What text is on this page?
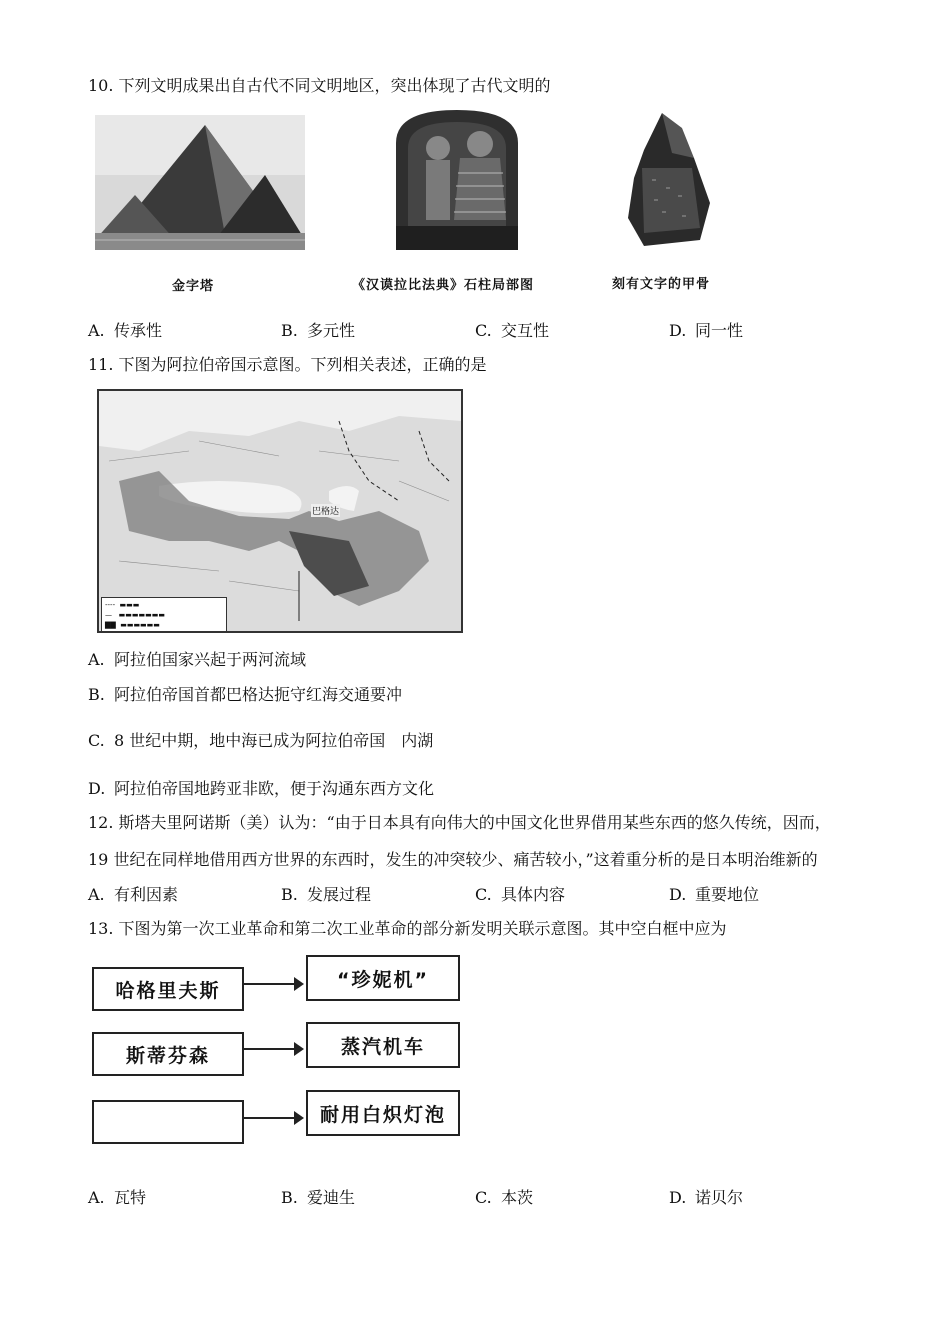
10. 下列文明成果出自古代不同文明地区，突出体现了古代文明的
金字塔	《汉谟拉比法典》石柱局部图	刻有文字的甲骨
A. 传承性	B. 多元性	C. 交互性	D. 同一性
11. 下图为阿拉伯帝国示意图。下列相关表述，正确的是
巴格达
----  ▬▬▬
—   ▬▬▬▬▬▬▬
▇▇  ▬▬▬▬▬▬
A. 阿拉伯国家兴起于两河流域
B. 阿拉伯帝国首都巴格达扼守红海交通要冲
C. 8 世纪中期，地中海已成为阿拉伯帝国　内湖
D. 阿拉伯帝国地跨亚非欧，便于沟通东西方文化
12. 斯塔夫里阿诺斯（美）认为：“由于日本具有向伟大的中国文化世界借用某些东西的悠久传统，因而，
19 世纪在同样地借用西方世界的东西时，发生的冲突较少、痛苦较小，”这着重分析的是日本明治维新的
A. 有利因素	B. 发展过程	C. 具体内容	D. 重要地位
13. 下图为第一次工业革命和第二次工业革命的部分新发明关联示意图。其中空白框中应为
哈格里夫斯	“珍妮机”
斯蒂芬森	蒸汽机车
耐用白炽灯泡
A. 瓦特	B. 爱迪生	C. 本茨	D. 诺贝尔
